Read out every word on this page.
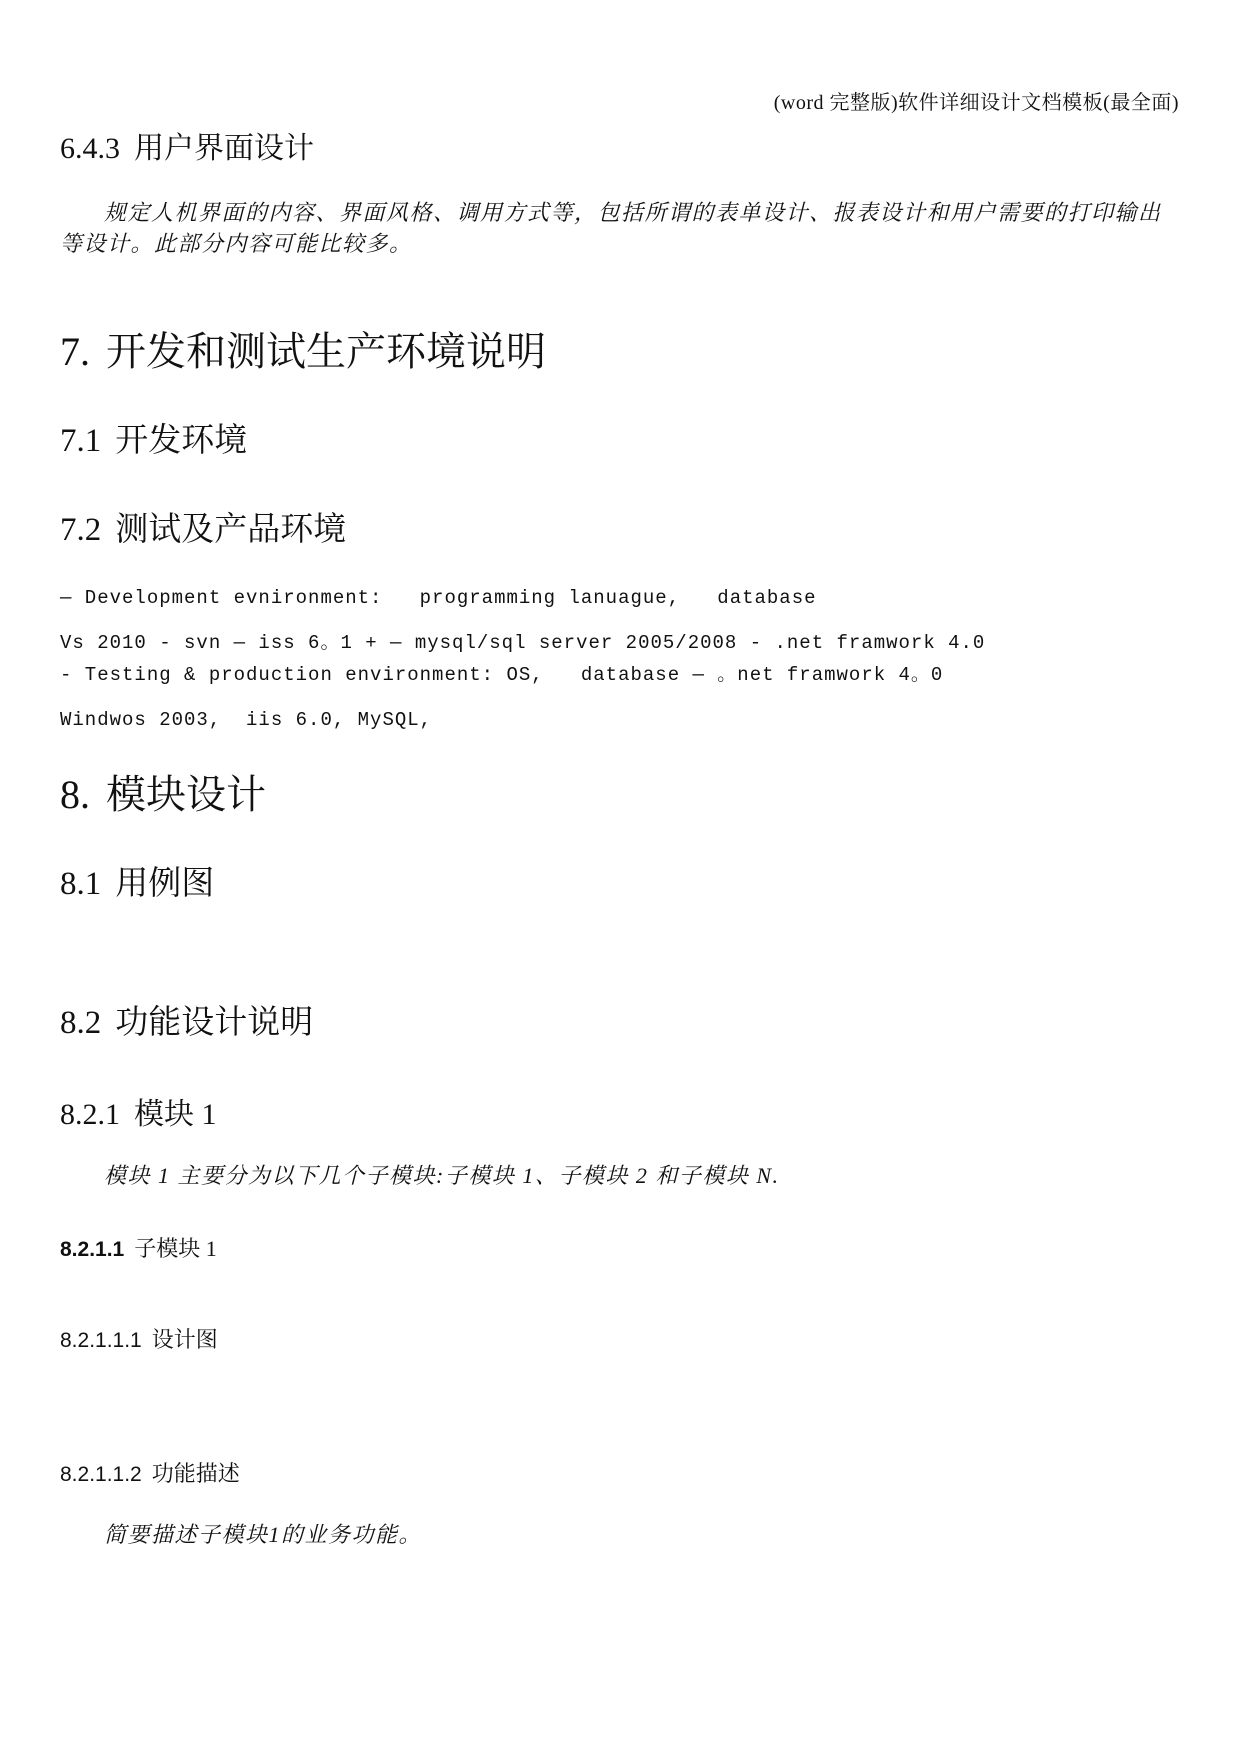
(word 完整版)软件详细设计文档模板(最全面)
6.4.3 用户界面设计
规定人机界面的内容、界面风格、调用方式等，包括所谓的表单设计、报表设计和用户需要的打印输出
等设计。此部分内容可能比较多。
7. 开发和测试生产环境说明
7.1 开发环境
7.2 测试及产品环境
— Development evnironment:   programming lanuague,   database
Vs 2010 - svn — iss 6。1 + — mysql/sql server 2005/2008 - .net framwork 4.0
- Testing & production environment: OS,   database — 。net framwork 4。0
Windwos 2003,  iis 6.0, MySQL,
8. 模块设计
8.1 用例图
8.2 功能设计说明
8.2.1 模块 1
模块 1 主要分为以下几个子模块:子模块 1、子模块 2 和子模块 N.
8.2.1.1 子模块 1
8.2.1.1.1 设计图
8.2.1.1.2 功能描述
简要描述子模块1的业务功能。
